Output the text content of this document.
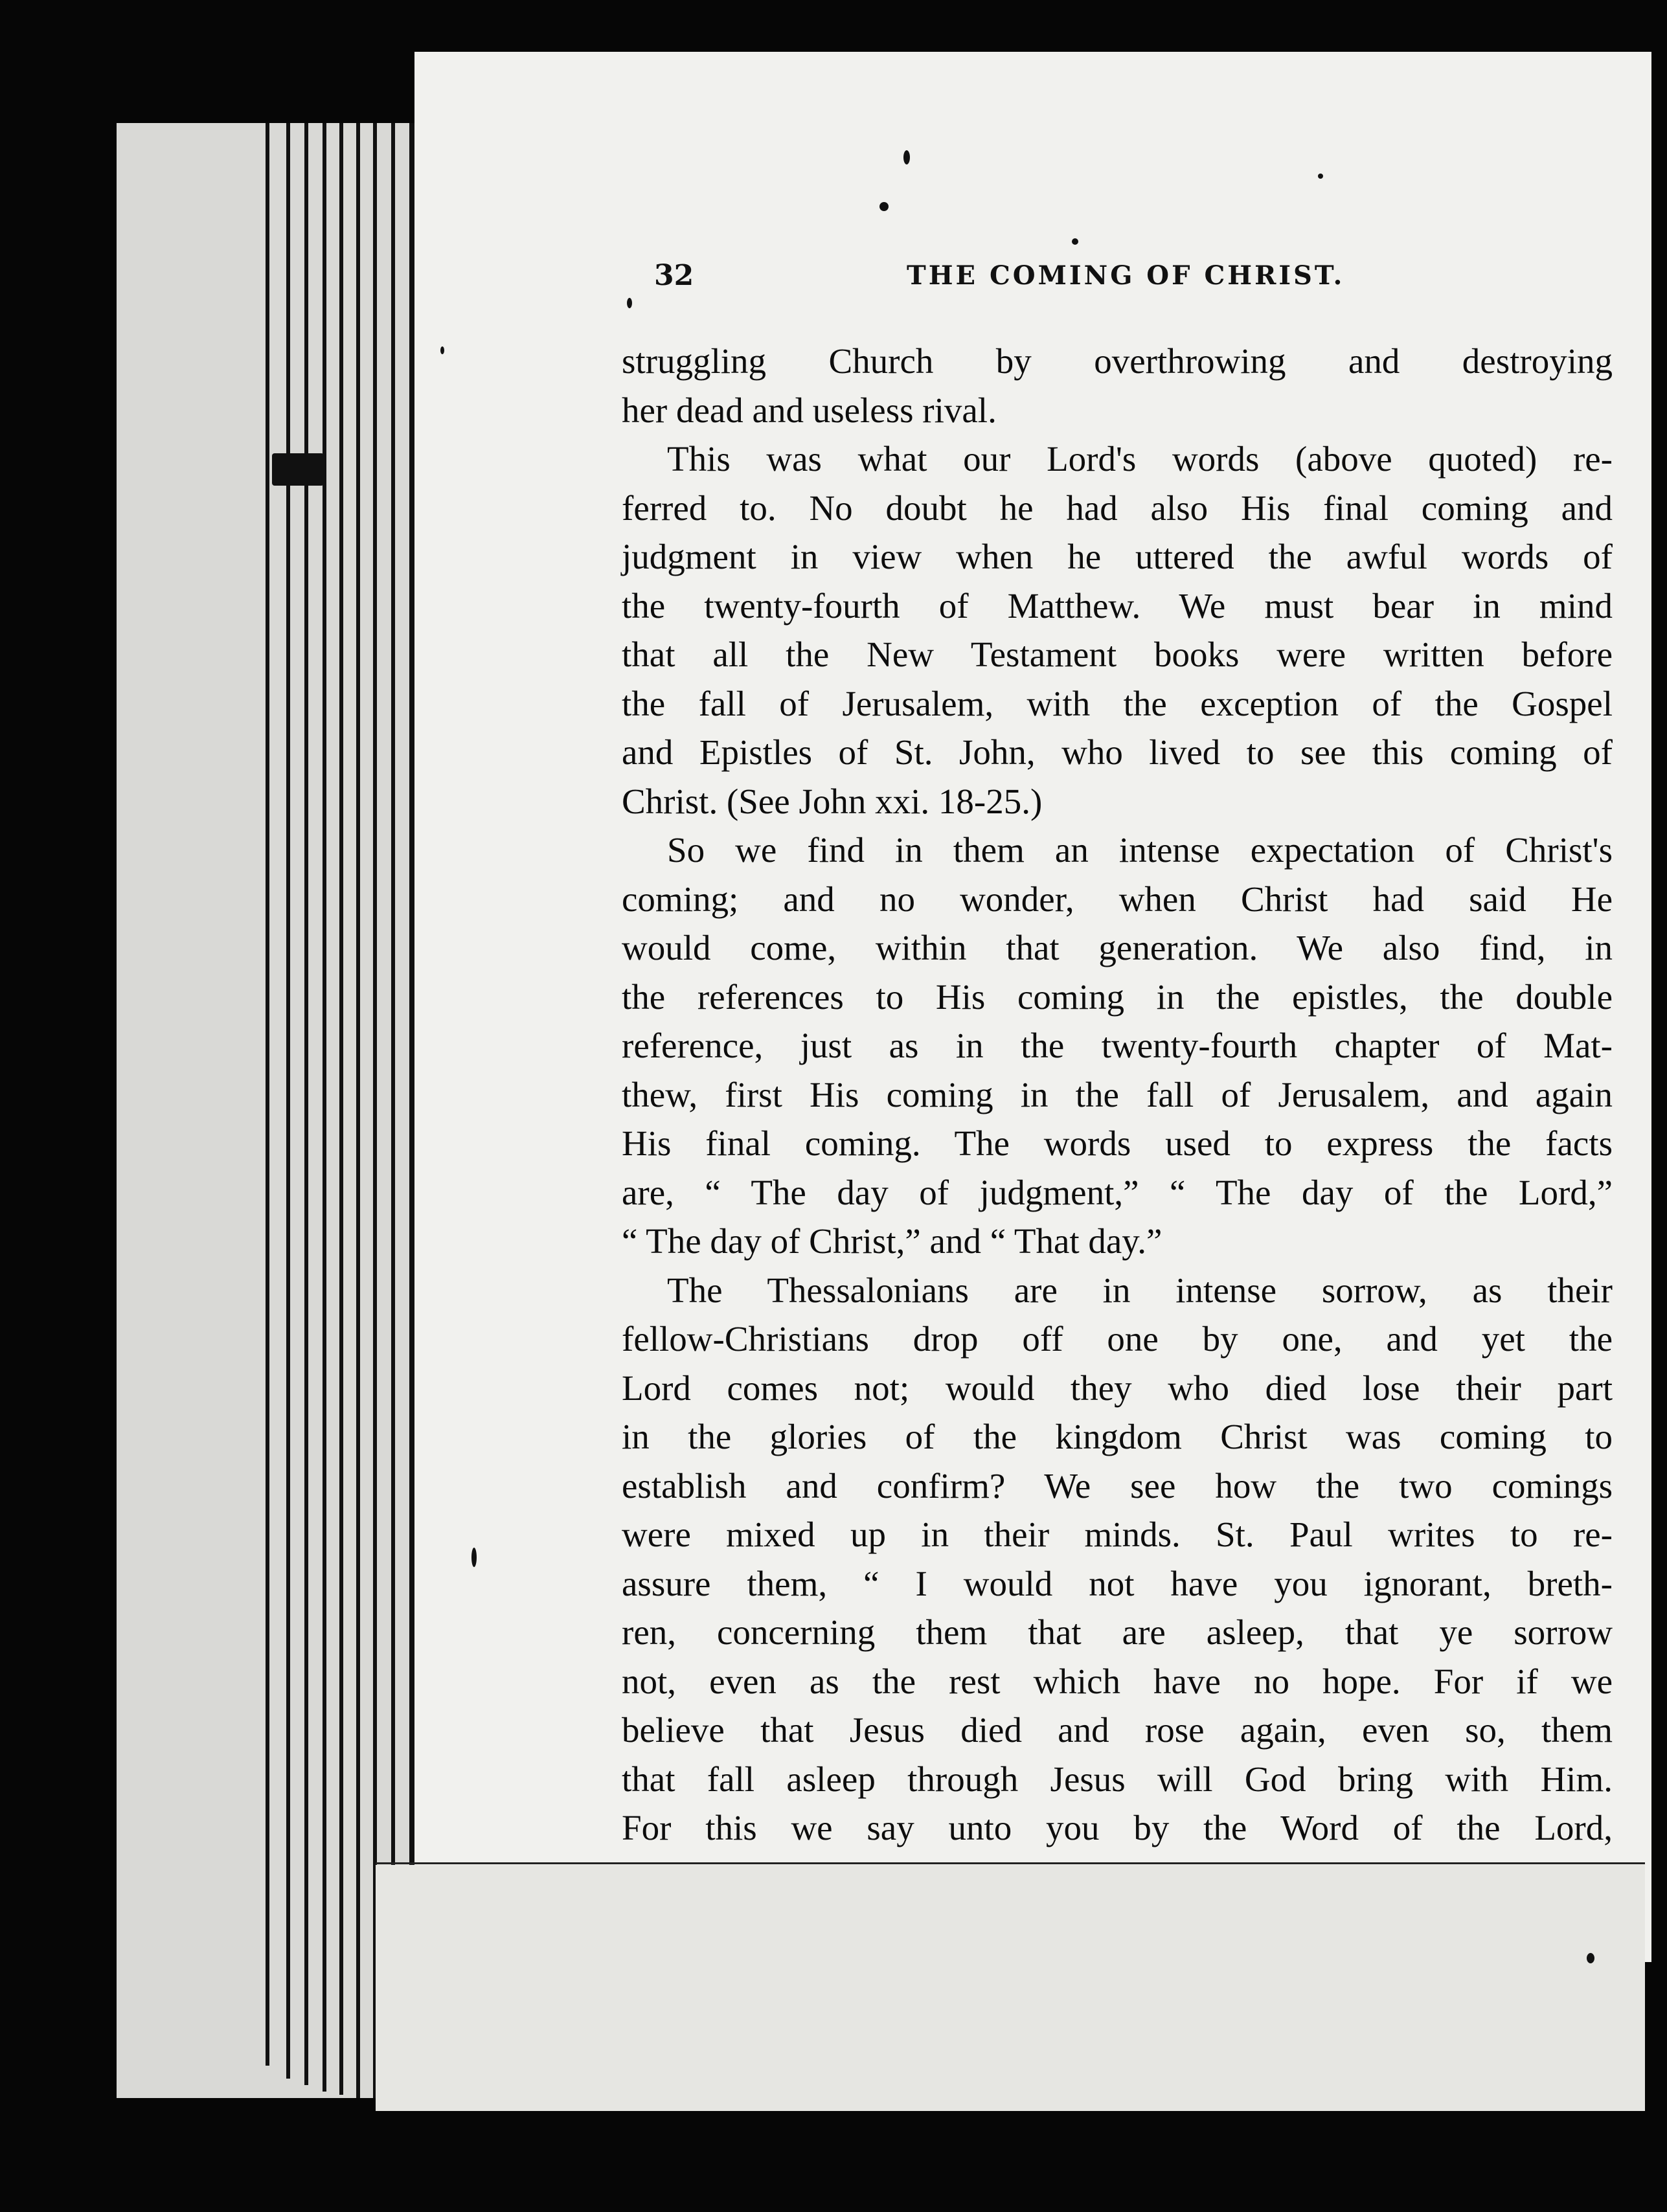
32	THE COMING OF CHRIST.
struggling Church by overthrowing and destroying
her dead and useless rival.
This was what our Lord's words (above quoted) re-
ferred to. No doubt he had also His final coming and
judgment in view when he uttered the awful words of
the twenty-fourth of Matthew. We must bear in mind
that all the New Testament books were written before
the fall of Jerusalem, with the exception of the Gospel
and Epistles of St. John, who lived to see this coming of
Christ. (See John xxi. 18-25.)
So we find in them an intense expectation of Christ's
coming; and no wonder, when Christ had said He
would come, within that generation. We also find, in
the references to His coming in the epistles, the double
reference, just as in the twenty-fourth chapter of Mat-
thew, first His coming in the fall of Jerusalem, and again
His final coming. The words used to express the facts
are, “ The day of judgment,” “ The day of the Lord,”
“ The day of Christ,” and “ That day.”
The Thessalonians are in intense sorrow, as their
fellow-Christians drop off one by one, and yet the
Lord comes not; would they who died lose their part
in the glories of the kingdom Christ was coming to
establish and confirm? We see how the two comings
were mixed up in their minds. St. Paul writes to re-
assure them, “ I would not have you ignorant, breth-
ren, concerning them that are asleep, that ye sorrow
not, even as the rest which have no hope. For if we
believe that Jesus died and rose again, even so, them
that fall asleep through Jesus will God bring with Him.
For this we say unto you by the Word of the Lord,
